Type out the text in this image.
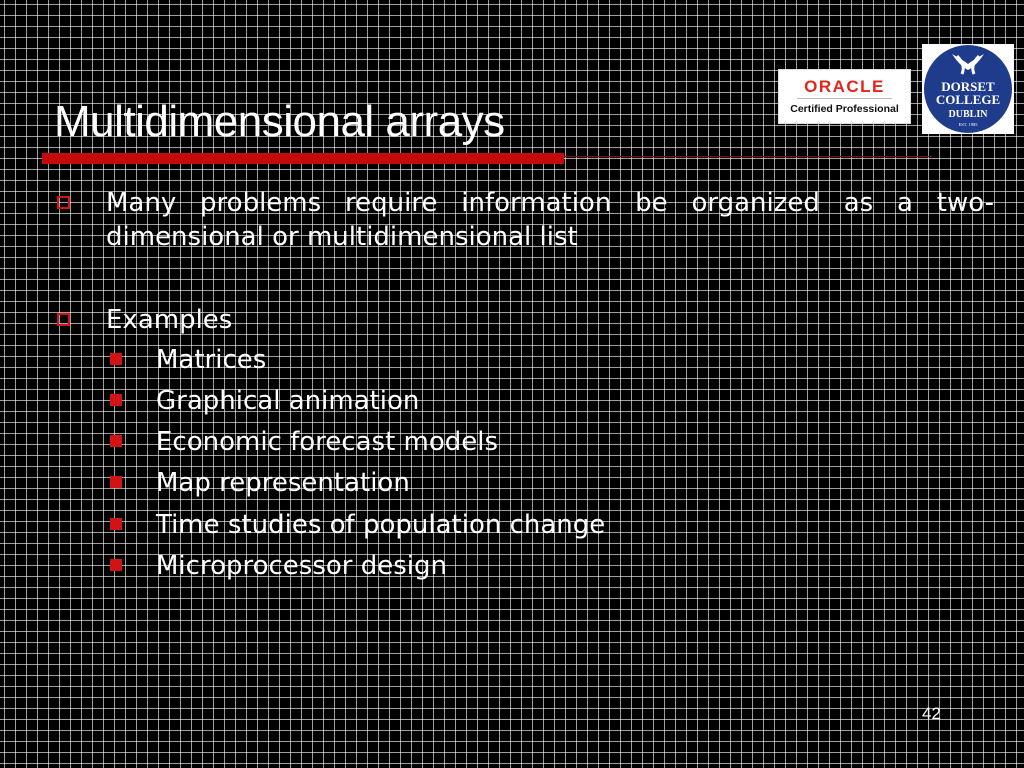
Multidimensional arrays
ORACLE
Certified Professional
DORSET
COLLEGE
DUBLIN
EST. 1985
Many problems require information be organized as a two-dimensional or multidimensional list
Examples
Matrices
Graphical animation
Economic forecast models
Map representation
Time studies of population change
Microprocessor design
42
